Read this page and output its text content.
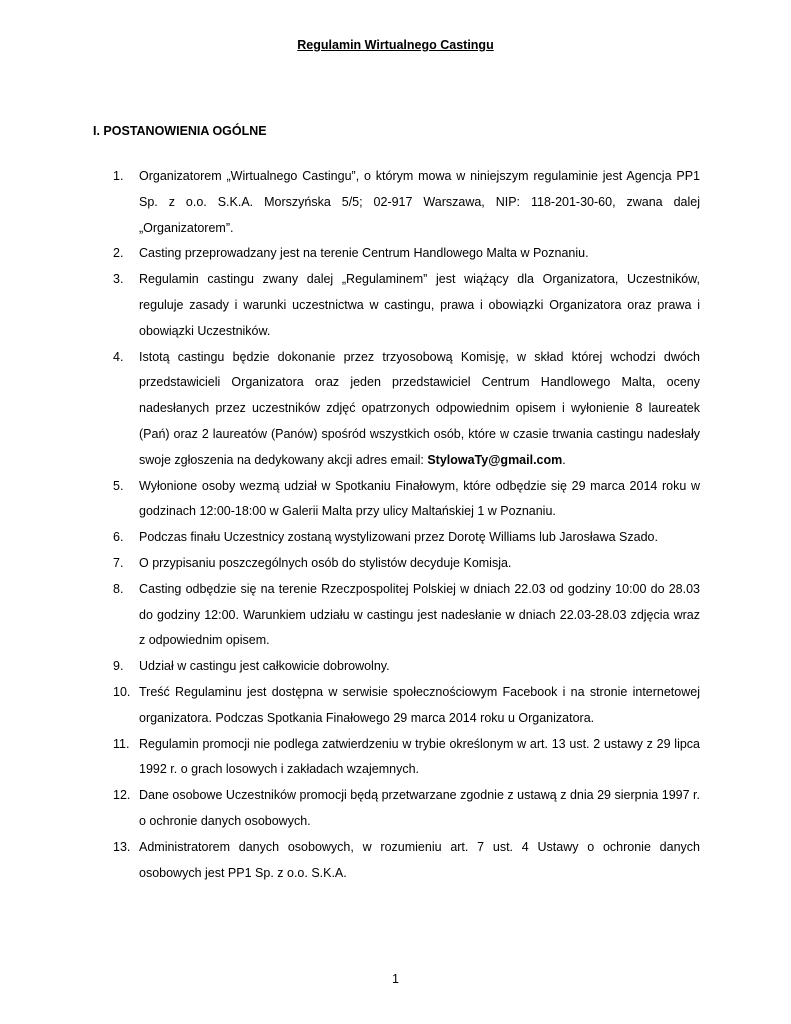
Regulamin Wirtualnego Castingu
I. POSTANOWIENIA OGÓLNE
1. Organizatorem „Wirtualnego Castingu”, o którym mowa w niniejszym regulaminie jest Agencja PP1 Sp. z o.o. S.K.A. Morszyńska 5/5; 02-917 Warszawa, NIP: 118-201-30-60, zwana dalej „Organizatorem”.
2. Casting przeprowadzany jest na terenie Centrum Handlowego Malta w Poznaniu.
3. Regulamin castingu zwany dalej „Regulaminem” jest wiążący dla Organizatora, Uczestników, reguluje zasady i warunki uczestnictwa w castingu, prawa i obowiązki Organizatora oraz prawa i obowiązki Uczestników.
4. Istotą castingu będzie dokonanie przez trzyosobową Komisję, w skład której wchodzi dwóch przedstawicieli Organizatora oraz jeden przedstawiciel Centrum Handlowego Malta, oceny nadesłanych przez uczestników zdjęć opatrzonych odpowiednim opisem i wyłonienie 8 laureatek (Pań) oraz 2 laureatów (Panów) spośród wszystkich osób, które w czasie trwania castingu nadesłały swoje zgłoszenia na dedykowany akcji adres email: StylowaTy@gmail.com.
5. Wyłonione osoby wezmą udział w Spotkaniu Finałowym, które odbędzie się 29 marca 2014 roku w godzinach 12:00-18:00 w Galerii Malta przy ulicy Maltańskiej 1 w Poznaniu.
6. Podczas finału Uczestnicy zostaną wystylizowani przez Dorotę Williams lub Jarosława Szado.
7. O przypisaniu poszczególnych osób do stylistów decyduje Komisja.
8. Casting odbędzie się na terenie Rzeczpospolitej Polskiej w dniach 22.03 od godziny 10:00 do 28.03 do godziny 12:00. Warunkiem udziału w castingu jest nadesłanie w dniach 22.03-28.03 zdjęcia wraz z odpowiednim opisem.
9. Udział w castingu jest całkowicie dobrowolny.
10. Treść Regulaminu jest dostępna w serwisie społecznościowym Facebook i na stronie internetowej organizatora. Podczas Spotkania Finałowego 29 marca 2014 roku u Organizatora.
11. Regulamin promocji nie podlega zatwierdzeniu w trybie określonym w art. 13 ust. 2 ustawy z 29 lipca 1992 r. o grach losowych i zakładach wzajemnych.
12. Dane osobowe Uczestników promocji będą przetwarzane zgodnie z ustawą z dnia 29 sierpnia 1997 r. o ochronie danych osobowych.
13. Administratorem danych osobowych, w rozumieniu art. 7 ust. 4 Ustawy o ochronie danych osobowych jest PP1 Sp. z o.o. S.K.A.
1
